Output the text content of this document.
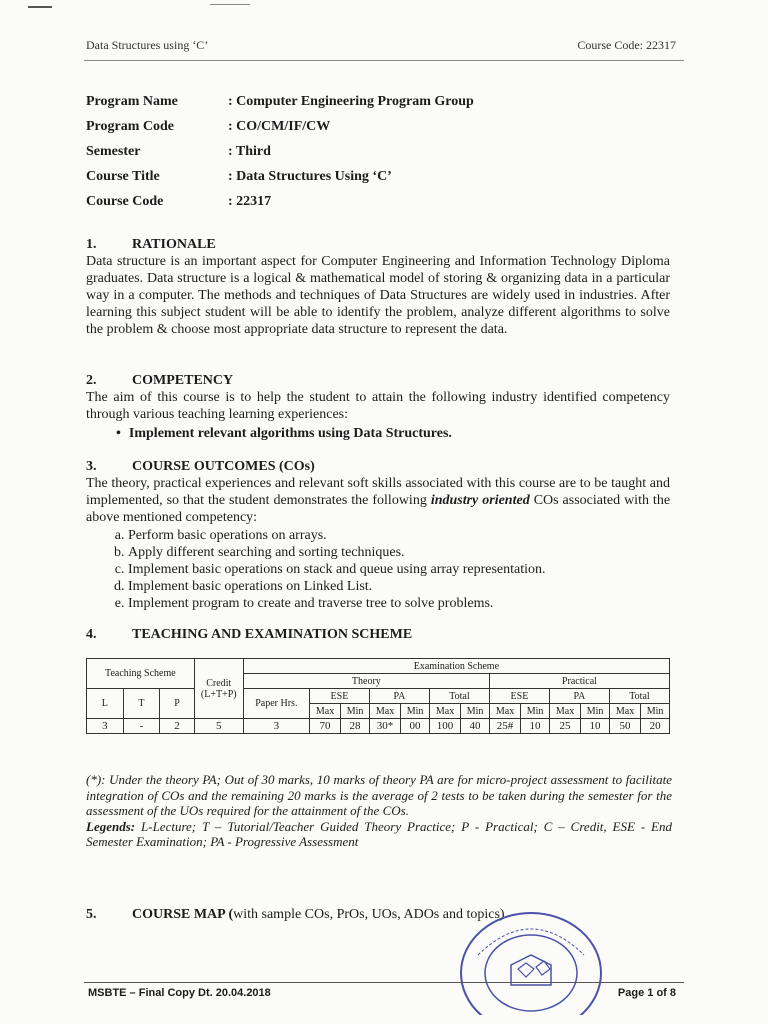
Data Structures using ‘C’	Course Code: 22317
Program Name	: Computer Engineering Program Group
Program Code	: CO/CM/IF/CW
Semester	: Third
Course Title	: Data Structures Using ‘C’
Course Code	: 22317
1.	RATIONALE

Data structure is an important aspect for Computer Engineering and Information Technology Diploma graduates. Data structure is a logical & mathematical model of storing & organizing data in a particular way in a computer. The methods and techniques of Data Structures are widely used in industries. After learning this subject student will be able to identify the problem, analyze different algorithms to solve the problem & choose most appropriate data structure to represent the data.

2.	COMPETENCY

The aim of this course is to help the student to attain the following industry identified competency through various teaching learning experiences:

• Implement relevant algorithms using Data Structures.
3.	COURSE OUTCOMES (COs)

The theory, practical experiences and relevant soft skills associated with this course are to be taught and implemented, so that the student demonstrates the following industry oriented COs associated with the above mentioned competency:

a. Perform basic operations on arrays.
b. Apply different searching and sorting techniques.
c. Implement basic operations on stack and queue using array representation.
d. Implement basic operations on Linked List.
e. Implement program to create and traverse tree to solve problems.
4.	TEACHING AND EXAMINATION SCHEME
Teaching Scheme			Credit (L+T+P)	Examination Scheme												
				Theory							Practical					
L	T	P		Paper Hrs.	ESE		PA		Total		ESE		PA		Total	
					Max	Min	Max	Min	Max	Min	Max	Min	Max	Min	Max	Min
3	-	2	5	3	70	28	30*	00	100	40	25#	10	25	10	50	20
(*): Under the theory PA; Out of 30 marks, 10 marks of theory PA are for micro-project assessment to facilitate integration of COs and the remaining 20 marks is the average of 2 tests to be taken during the semester for the assessment of the UOs required for the attainment of the COs.
Legends: L-Lecture; T – Tutorial/Teacher Guided Theory Practice; P - Practical; C – Credit, ESE - End Semester Examination; PA - Progressive Assessment
5.	COURSE MAP ( with sample COs, PrOs, UOs, ADOs and topics)
MSBTE – Final Copy Dt. 20.04.2018	Page 1 of 8
